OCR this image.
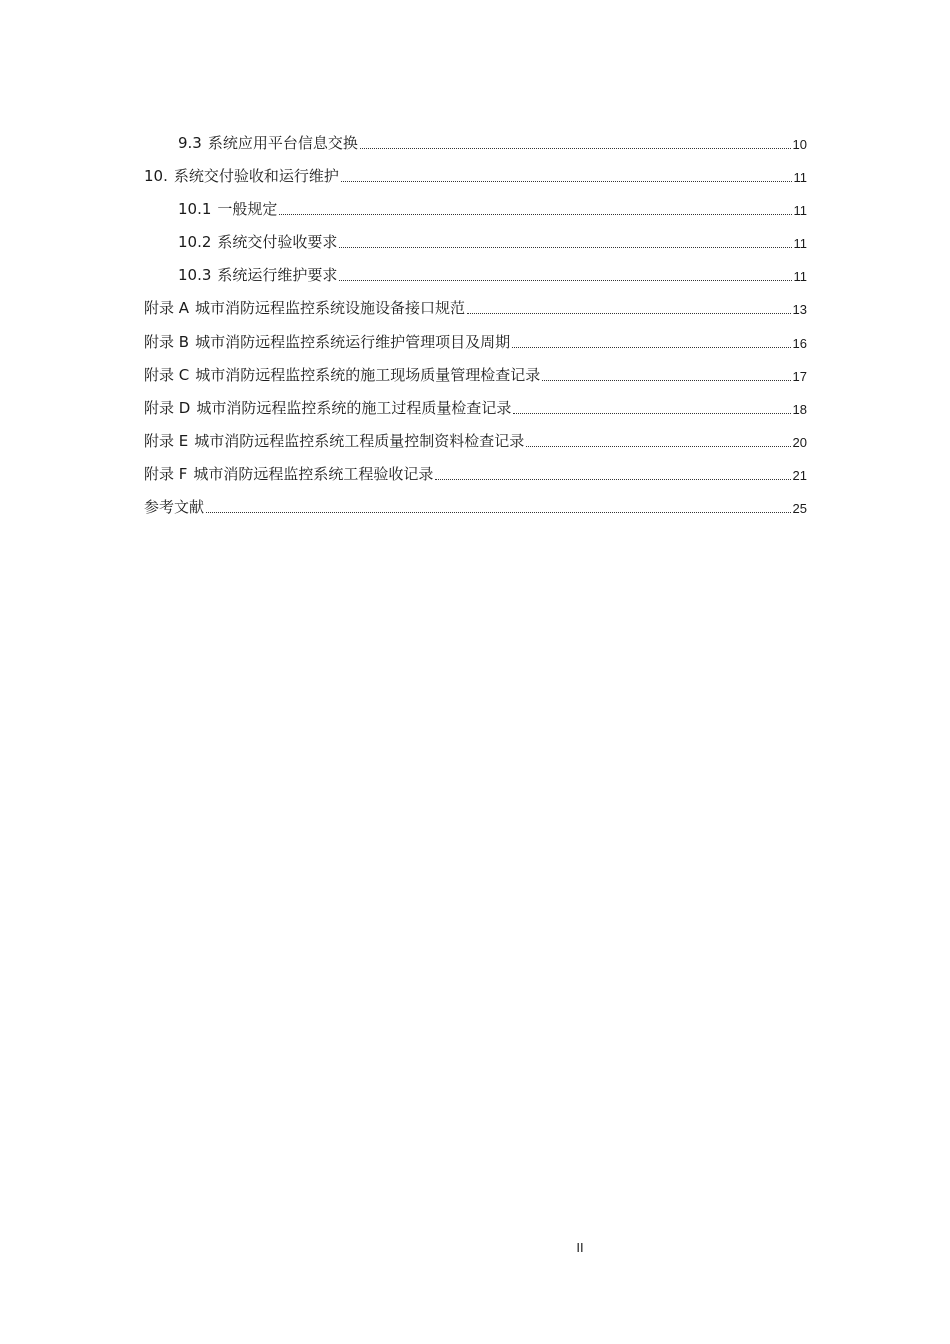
9.3 系统应用平台信息交换	10
10. 系统交付验收和运行维护	11
10.1 一般规定	11
10.2 系统交付验收要求	11
10.3 系统运行维护要求	11
附录 A 城市消防远程监控系统设施设备接口规范	13
附录 B 城市消防远程监控系统运行维护管理项目及周期	16
附录 C 城市消防远程监控系统的施工现场质量管理检查记录	17
附录 D 城市消防远程监控系统的施工过程质量检查记录	18
附录 E 城市消防远程监控系统工程质量控制资料检查记录	20
附录 F 城市消防远程监控系统工程验收记录	21
参考文献	25
II
